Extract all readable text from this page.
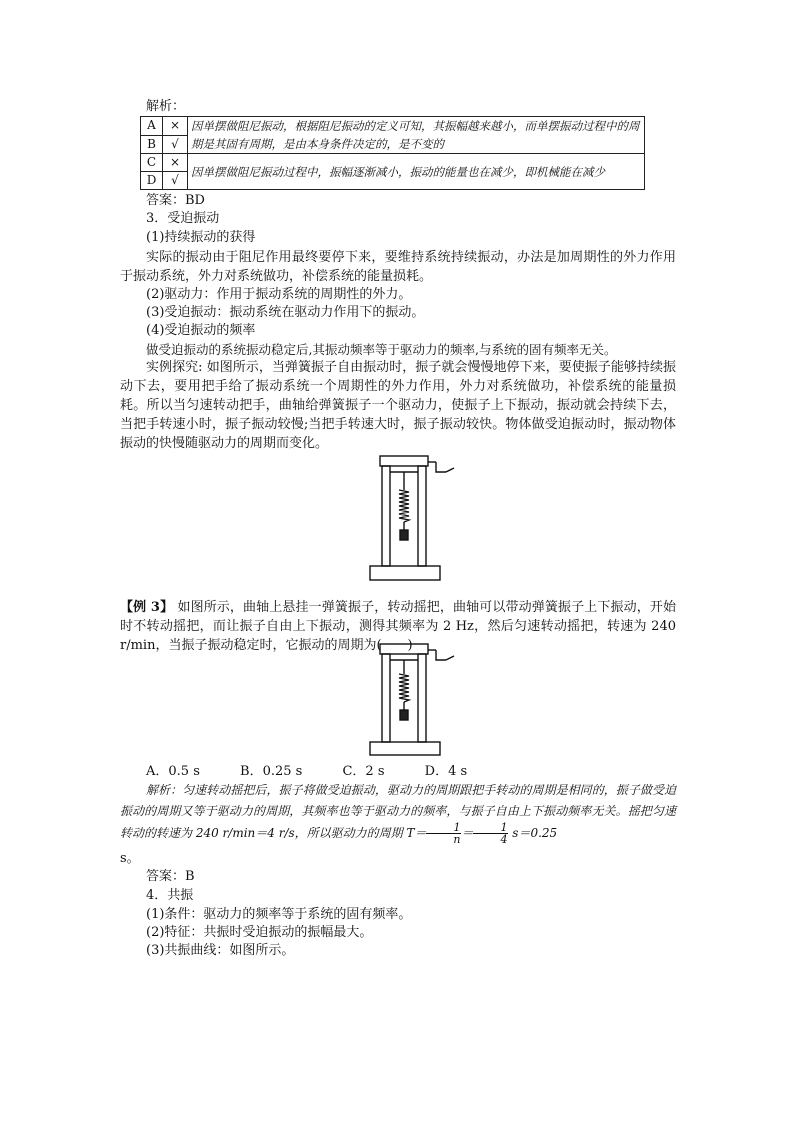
解析：
A	×	因单摆做阻尼振动，根据阻尼振动的定义可知，其振幅越来越小，而单摆振动过程中的周期是其固有周期，是由本身条件决定的，是不变的
B	√	
C	×	因单摆做阻尼振动过程中，振幅逐渐减小，振动的能量也在减少，即机械能在减少
D	√	
答案：BD
3．受迫振动
(1)持续振动的获得
实际的振动由于阻尼作用最终要停下来，要维持系统持续振动，办法是加周期性的外力作用于振动系统，外力对系统做功，补偿系统的能量损耗。
(2)驱动力：作用于振动系统的周期性的外力。
(3)受迫振动：振动系统在驱动力作用下的振动。
(4)受迫振动的频率
做受迫振动的系统振动稳定后,其振动频率等于驱动力的频率,与系统的固有频率无关。
实例探究: 如图所示，当弹簧振子自由振动时，振子就会慢慢地停下来，要使振子能够持续振动下去，要用把手给了振动系统一个周期性的外力作用，外力对系统做功，补偿系统的能量损耗。所以当匀速转动把手，曲轴给弹簧振子一个驱动力，使振子上下振动，振动就会持续下去，当把手转速小时，振子振动较慢;当把手转速大时，振子振动较快。物体做受迫振动时，振动物体振动的快慢随驱动力的周期而变化。
【例 3】 如图所示，曲轴上悬挂一弹簧振子，转动摇把，曲轴可以带动弹簧振子上下振动，开始时不转动摇把，而让振子自由上下振动，测得其频率为 2 Hz，然后匀速转动摇把，转速为 240 r/min，当振子振动稳定时，它振动的周期为(　　)
A．0.5 s	B．0.25 s	C．2 s	D．4 s
解析：匀速转动摇把后，振子将做受迫振动，驱动力的周期跟把手转动的周期是相同的，振子做受迫振动的周期又等于驱动力的周期，其频率也等于驱动力的频率，与振子自由上下振动频率无关。摇把匀速转动的转速为 240 r/min＝4 r/s，所以驱动力的周期 $T= \frac{1}{n} = \frac{1}{4} s=0.25$
s。
答案：B
4．共振
(1)条件：驱动力的频率等于系统的固有频率。
(2)特征：共振时受迫振动的振幅最大。
(3)共振曲线：如图所示。
